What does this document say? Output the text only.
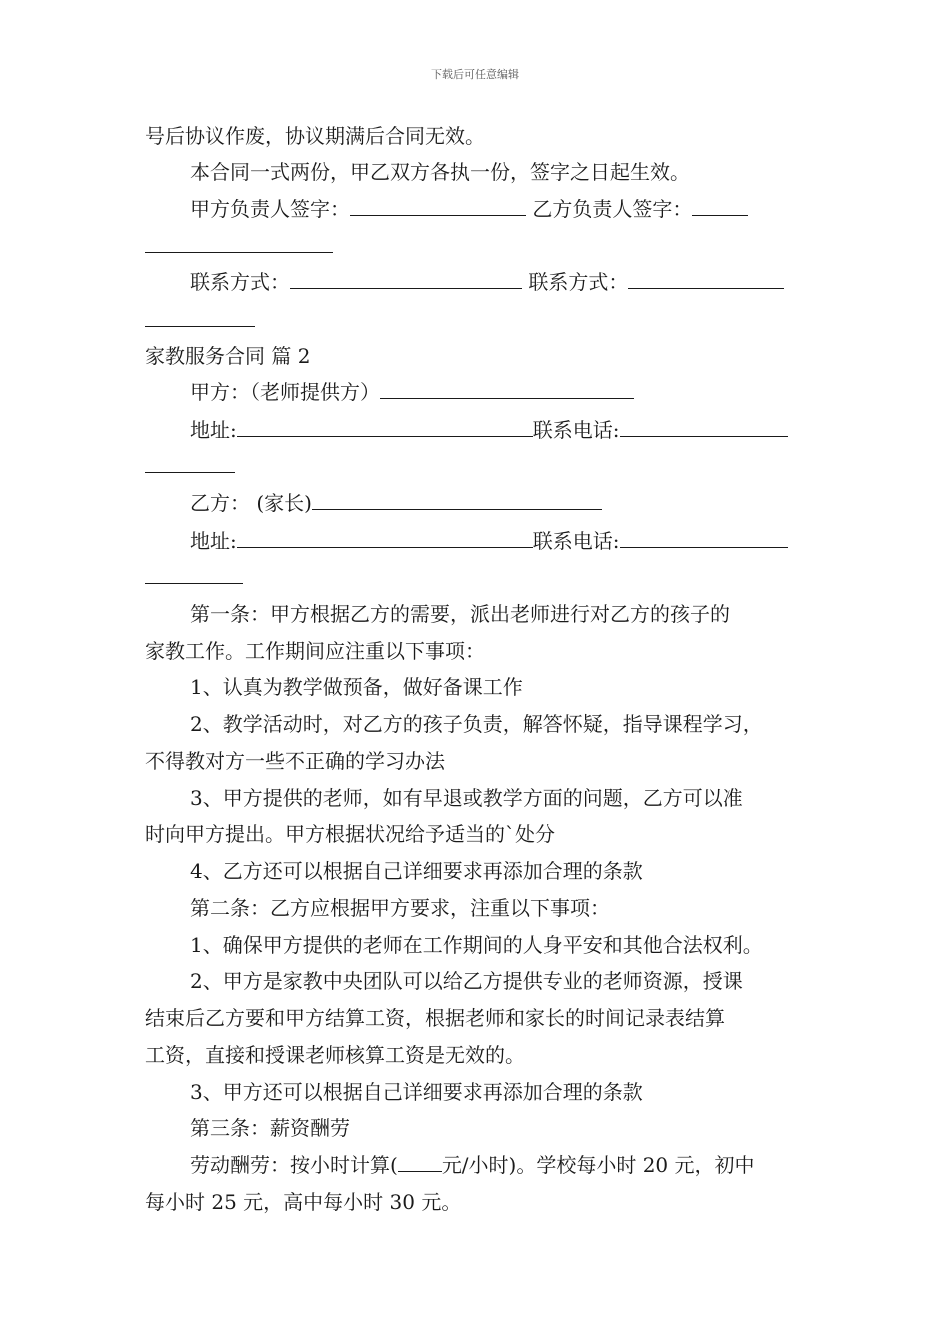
下载后可任意编辑
号后协议作废，协议期满后合同无效。
本合同一式两份，甲乙双方各执一份，签字之日起生效。
甲方负责人签字：	乙方负责人签字：
联系方式：	联系方式：
家教服务合同 篇 2
甲方：（老师提供方）
地址:	联系电话:
乙方： (家长)
地址:	联系电话:
第一条：甲方根据乙方的需要，派出老师进行对乙方的孩子的
家教工作。工作期间应注重以下事项：
1、认真为教学做预备，做好备课工作
2、教学活动时，对乙方的孩子负责，解答怀疑，指导课程学习，
不得教对方一些不正确的学习办法
3、甲方提供的老师，如有早退或教学方面的问题，乙方可以准
时向甲方提出。甲方根据状况给予适当的`处分
4、乙方还可以根据自己详细要求再添加合理的条款
第二条：乙方应根据甲方要求，注重以下事项：
1、确保甲方提供的老师在工作期间的人身平安和其他合法权利。
2、甲方是家教中央团队可以给乙方提供专业的老师资源，授课
结束后乙方要和甲方结算工资，根据老师和家长的时间记录表结算
工资，直接和授课老师核算工资是无效的。
3、甲方还可以根据自己详细要求再添加合理的条款
第三条：薪资酬劳
劳动酬劳：按小时计算( 元/小时)。学校每小时 20 元，初中
每小时 25 元，高中每小时 30 元。
